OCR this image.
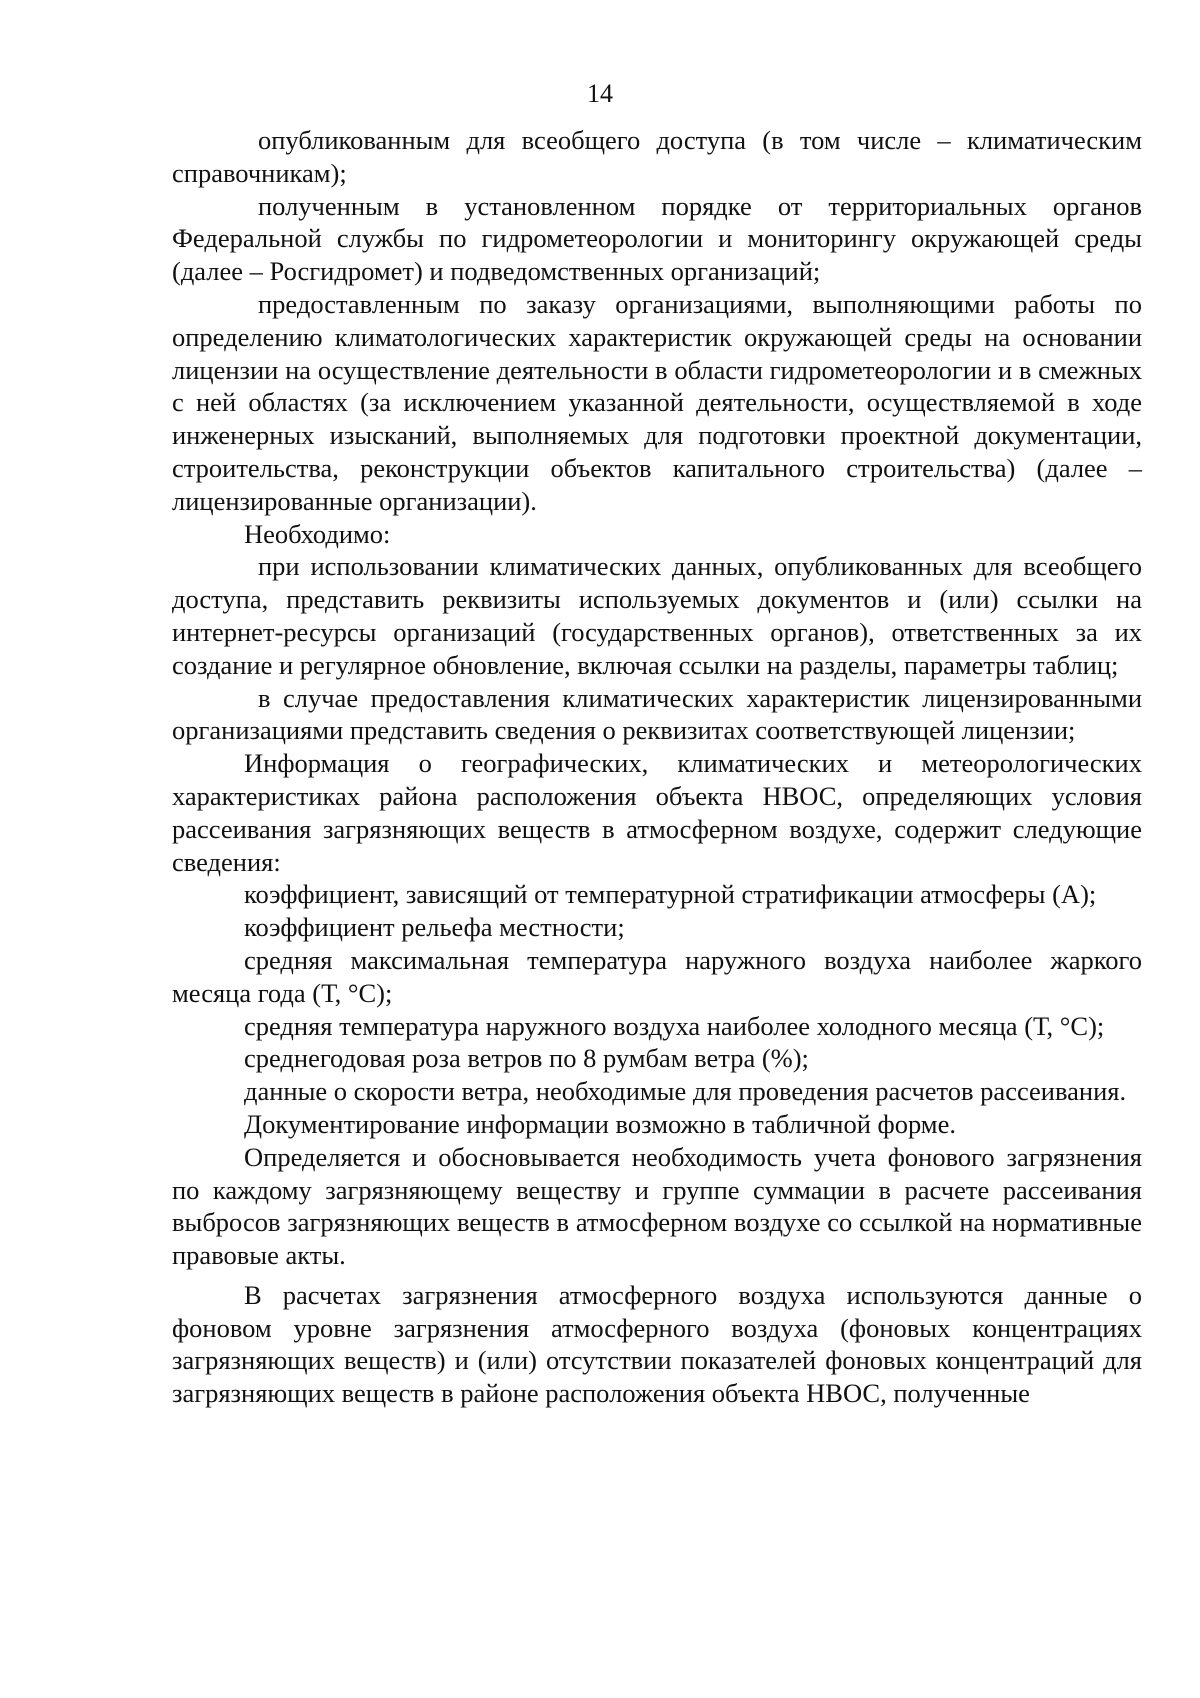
14

опубликованным для всеобщего доступа (в том числе – климатическим справочникам);

полученным в установленном порядке от территориальных органов Федеральной службы по гидрометеорологии и мониторингу окружающей среды (далее – Росгидромет) и подведомственных организаций;

предоставленным по заказу организациями, выполняющими работы по определению климатологических характеристик окружающей среды на основании лицензии на осуществление деятельности в области гидрометеорологии и в смежных с ней областях (за исключением указанной деятельности, осуществляемой в ходе инженерных изысканий, выполняемых для подготовки проектной документации, строительства, реконструкции объектов капитального строительства) (далее – лицензированные организации).

Необходимо:

при использовании климатических данных, опубликованных для всеобщего доступа, представить реквизиты используемых документов и (или) ссылки на интернет-ресурсы организаций (государственных органов), ответственных за их создание и регулярное обновление, включая ссылки на разделы, параметры таблиц;

в случае предоставления климатических характеристик лицензированными организациями представить сведения о реквизитах соответствующей лицензии;

Информация о географических, климатических и метеорологических характеристиках района расположения объекта НВОС, определяющих условия рассеивания загрязняющих веществ в атмосферном воздухе, содержит следующие сведения:

коэффициент, зависящий от температурной стратификации атмосферы (А);

коэффициент рельефа местности;

средняя максимальная температура наружного воздуха наиболее жаркого месяца года (Т, °С);

средняя температура наружного воздуха наиболее холодного месяца (Т, °С);

среднегодовая роза ветров по 8 румбам ветра (%);

данные о скорости ветра, необходимые для проведения расчетов рассеивания.

Документирование информации возможно в табличной форме.

Определяется и обосновывается необходимость учета фонового загрязнения по каждому загрязняющему веществу и группе суммации в расчете рассеивания выбросов загрязняющих веществ в атмосферном воздухе со ссылкой на нормативные правовые акты.

В расчетах загрязнения атмосферного воздуха используются данные о фоновом уровне загрязнения атмосферного воздуха (фоновых концентрациях загрязняющих веществ) и (или) отсутствии показателей фоновых концентраций для загрязняющих веществ в районе расположения объекта НВОС, полученные
